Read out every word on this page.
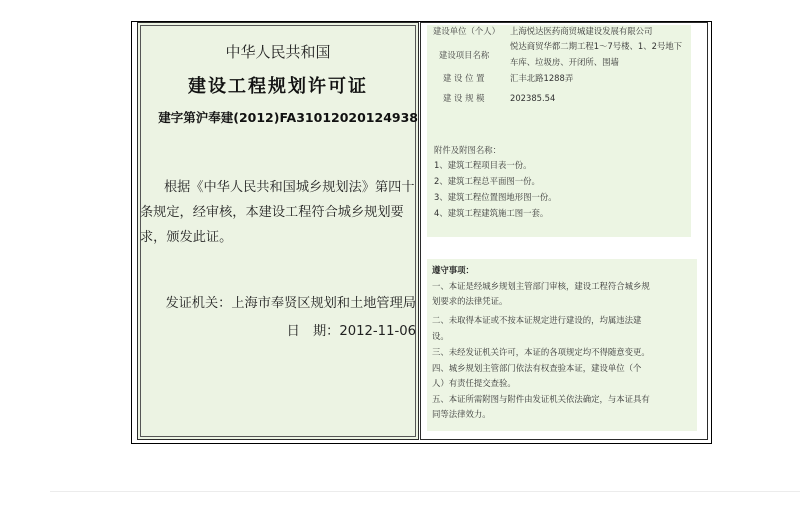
中华人民共和国
建设工程规划许可证
建字第沪奉建(2012)FA31012020124938
根据《中华人民共和国城乡规划法》第四十条规定，经审核，本建设工程符合城乡规划要求，颁发此证。
发证机关：上海市奉贤区规划和土地管理局
日　期：2012-11-06
建设单位（个人） 上海悦达医药商贸城建设发展有限公司
建设项目名称
悦达商贸华都二期工程1～7号楼、1、2号地下
车库、垃圾房、开闭所、围墙
建 设 位 置	汇丰北路1288弄
建 设 规 模	202385.54
附件及附图名称：
1、建筑工程项目表一份。
2、建筑工程总平面图一份。
3、建筑工程位置图地形图一份。
4、建筑工程建筑施工图一套。
遵守事项：
一、本证是经城乡规划主管部门审核，建设工程符合城乡规
划要求的法律凭证。
二、未取得本证或不按本证规定进行建设的，均属违法建
设。
三、未经发证机关许可，本证的各项规定均不得随意变更。
四、城乡规划主管部门依法有权查验本证，建设单位（个
人）有责任提交查验。
五、本证所需附图与附件由发证机关依法确定，与本证具有
同等法律效力。
